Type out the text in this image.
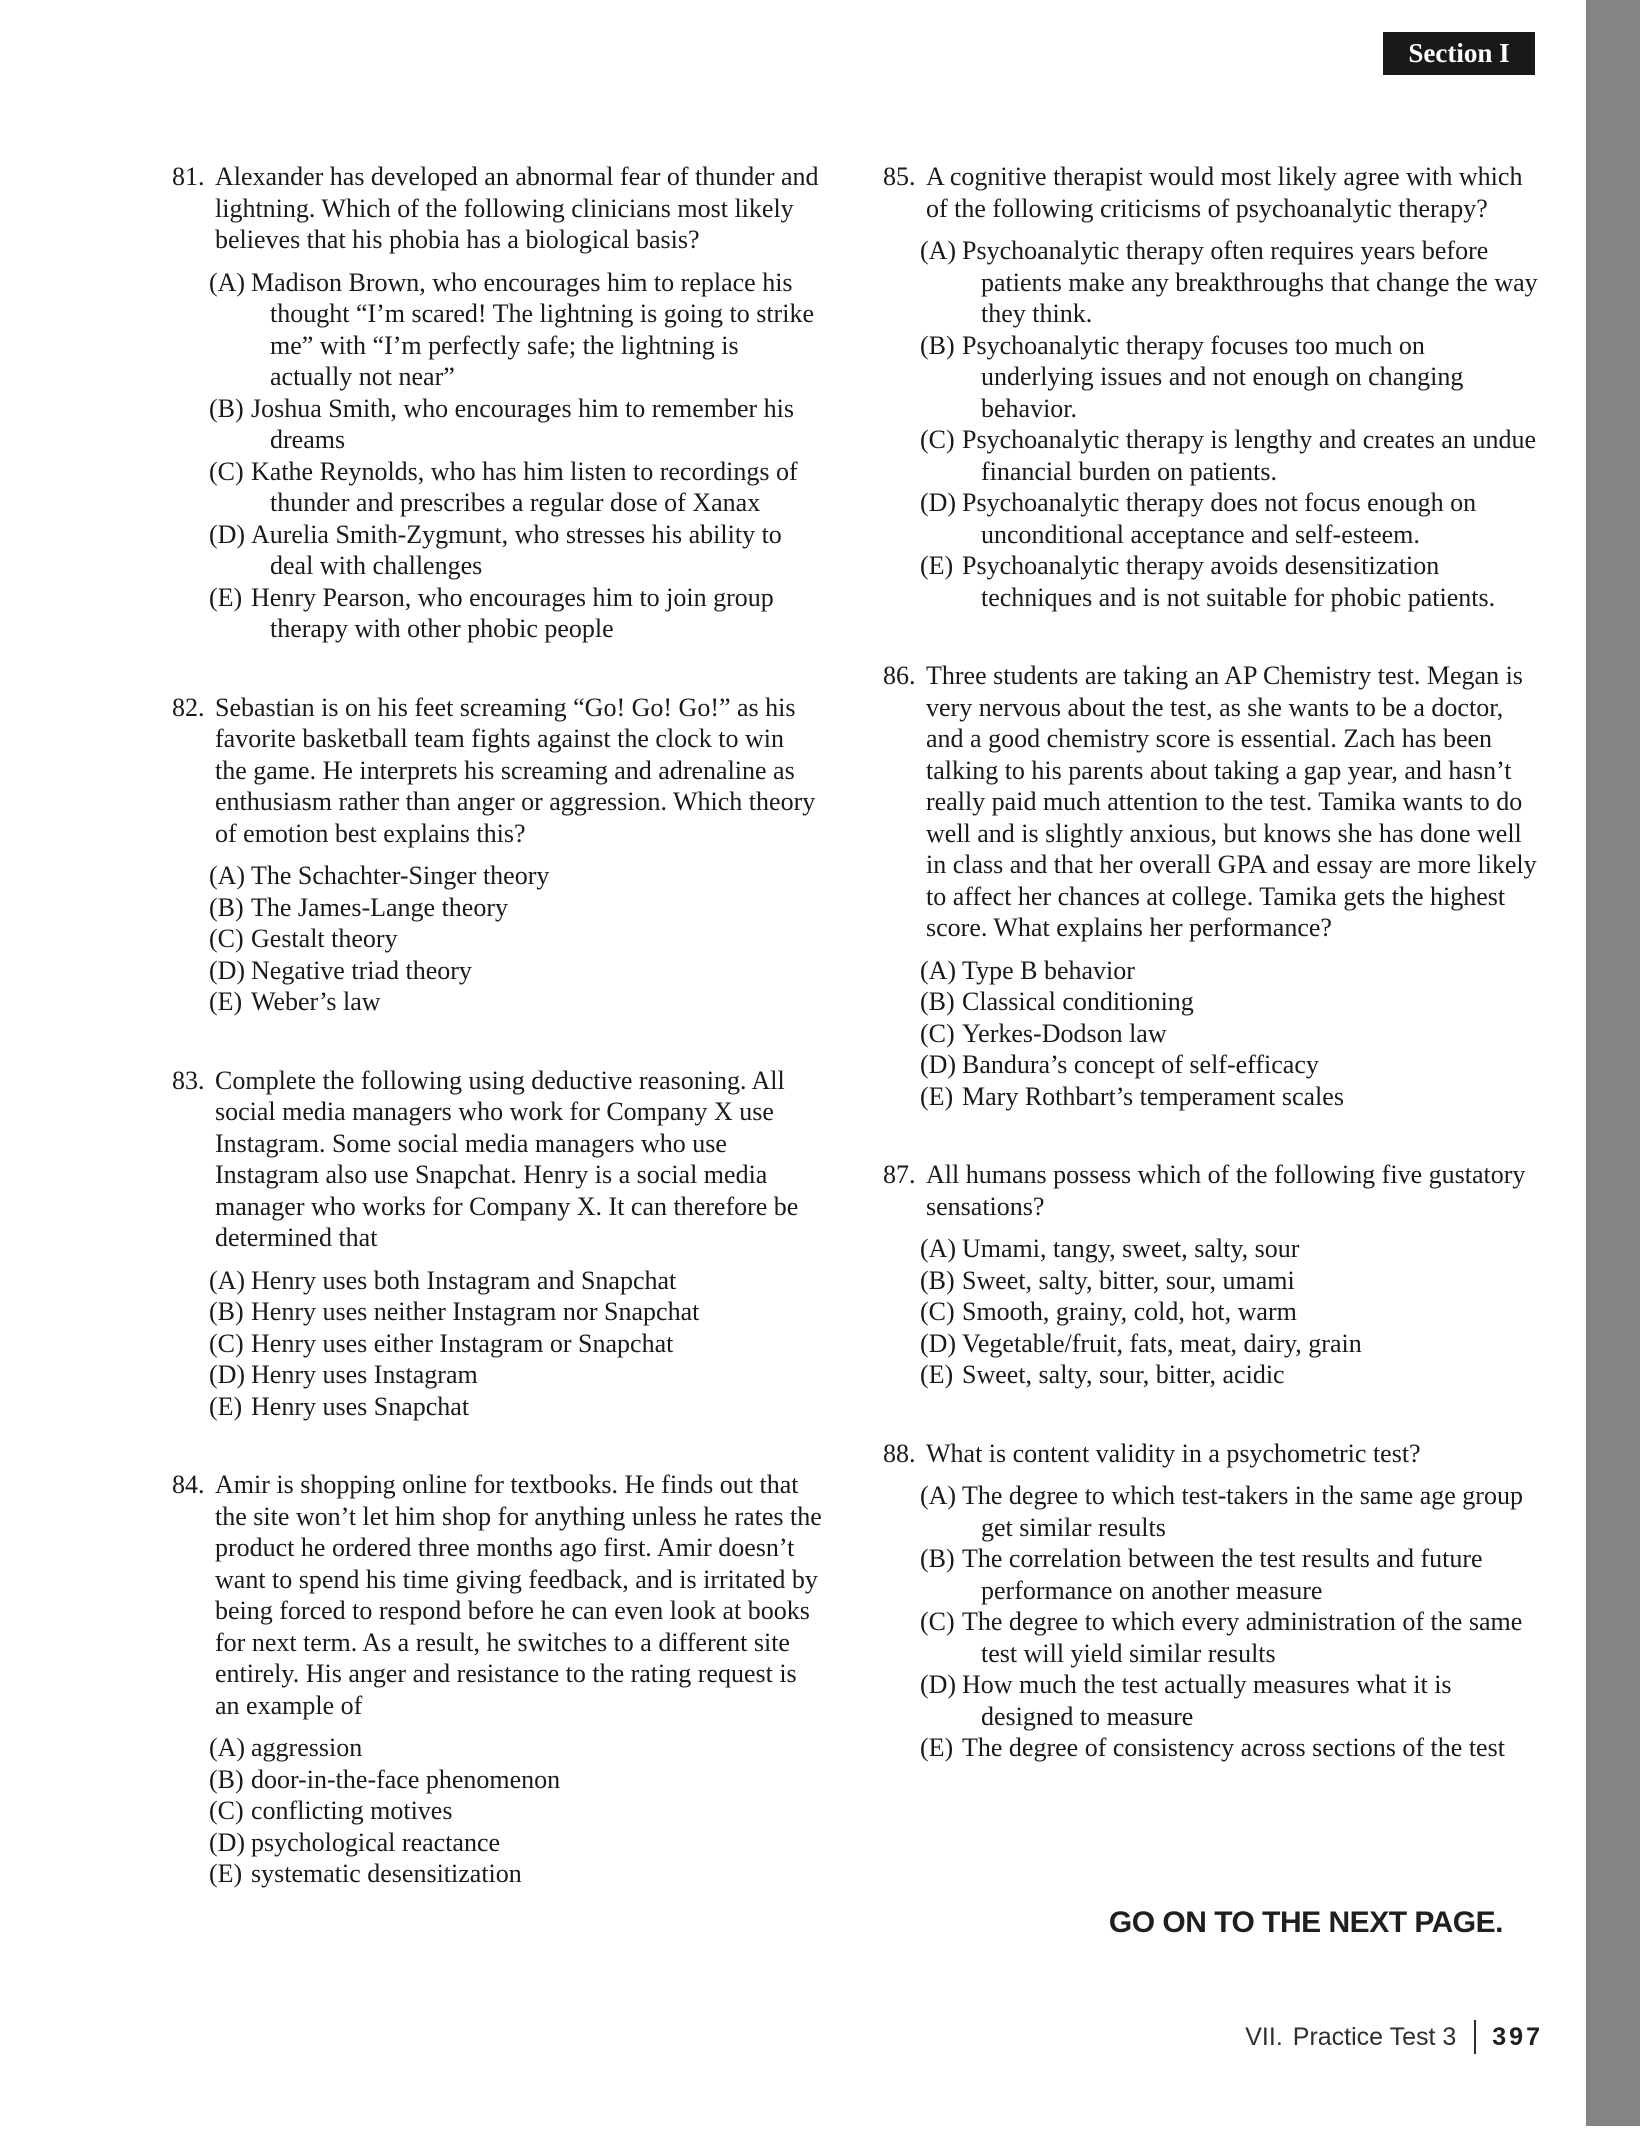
Section I
81. Alexander has developed an abnormal fear of thunder and lightning. Which of the following clinicians most likely believes that his phobia has a biological basis?
(A) Madison Brown, who encourages him to replace his thought “I’m scared! The lightning is going to strike me” with “I’m perfectly safe; the lightning is actually not near”
(B) Joshua Smith, who encourages him to remember his dreams
(C) Kathe Reynolds, who has him listen to recordings of thunder and prescribes a regular dose of Xanax
(D) Aurelia Smith-Zygmunt, who stresses his ability to deal with challenges
(E) Henry Pearson, who encourages him to join group therapy with other phobic people
82. Sebastian is on his feet screaming “Go! Go! Go!” as his favorite basketball team fights against the clock to win the game. He interprets his screaming and adrenaline as enthusiasm rather than anger or aggression. Which theory of emotion best explains this?
(A) The Schachter-Singer theory
(B) The James-Lange theory
(C) Gestalt theory
(D) Negative triad theory
(E) Weber’s law
83. Complete the following using deductive reasoning. All social media managers who work for Company X use Instagram. Some social media managers who use Instagram also use Snapchat. Henry is a social media manager who works for Company X. It can therefore be determined that
(A) Henry uses both Instagram and Snapchat
(B) Henry uses neither Instagram nor Snapchat
(C) Henry uses either Instagram or Snapchat
(D) Henry uses Instagram
(E) Henry uses Snapchat
84. Amir is shopping online for textbooks. He finds out that the site won’t let him shop for anything unless he rates the product he ordered three months ago first. Amir doesn’t want to spend his time giving feedback, and is irritated by being forced to respond before he can even look at books for next term. As a result, he switches to a different site entirely. His anger and resistance to the rating request is an example of
(A) aggression
(B) door-in-the-face phenomenon
(C) conflicting motives
(D) psychological reactance
(E) systematic desensitization
85. A cognitive therapist would most likely agree with which of the following criticisms of psychoanalytic therapy?
(A) Psychoanalytic therapy often requires years before patients make any breakthroughs that change the way they think.
(B) Psychoanalytic therapy focuses too much on underlying issues and not enough on changing behavior.
(C) Psychoanalytic therapy is lengthy and creates an undue financial burden on patients.
(D) Psychoanalytic therapy does not focus enough on unconditional acceptance and self-esteem.
(E) Psychoanalytic therapy avoids desensitization techniques and is not suitable for phobic patients.
86. Three students are taking an AP Chemistry test. Megan is very nervous about the test, as she wants to be a doctor, and a good chemistry score is essential. Zach has been talking to his parents about taking a gap year, and hasn’t really paid much attention to the test. Tamika wants to do well and is slightly anxious, but knows she has done well in class and that her overall GPA and essay are more likely to affect her chances at college. Tamika gets the highest score. What explains her performance?
(A) Type B behavior
(B) Classical conditioning
(C) Yerkes-Dodson law
(D) Bandura’s concept of self-efficacy
(E) Mary Rothbart’s temperament scales
87. All humans possess which of the following five gustatory sensations?
(A) Umami, tangy, sweet, salty, sour
(B) Sweet, salty, bitter, sour, umami
(C) Smooth, grainy, cold, hot, warm
(D) Vegetable/fruit, fats, meat, dairy, grain
(E) Sweet, salty, sour, bitter, acidic
88. What is content validity in a psychometric test?
(A) The degree to which test-takers in the same age group get similar results
(B) The correlation between the test results and future performance on another measure
(C) The degree to which every administration of the same test will yield similar results
(D) How much the test actually measures what it is designed to measure
(E) The degree of consistency across sections of the test
GO ON TO THE NEXT PAGE.
VII. Practice Test 3 397
